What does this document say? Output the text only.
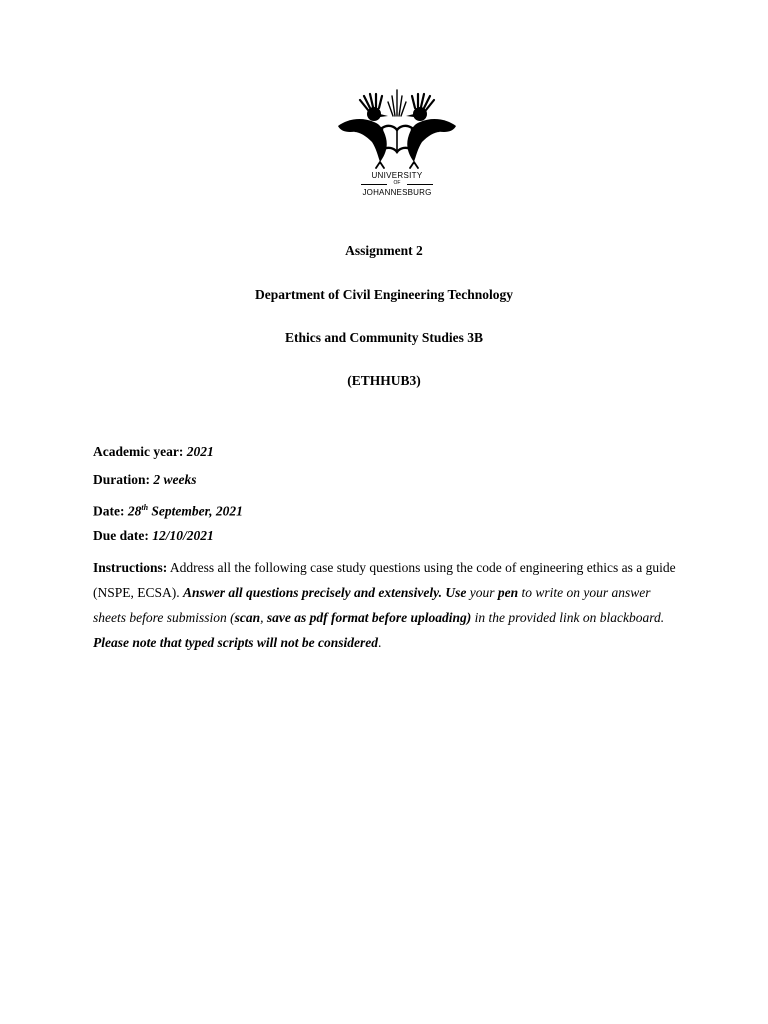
UNIVERSITY
OF
JOHANNESBURG
Assignment 2
Department of Civil Engineering Technology
Ethics and Community Studies 3B
(ETHHUB3)
Academic year: 2021
Duration: 2 weeks
Date: 28th September, 2021
Due date: 12/10/2021
Instructions: Address all the following case study questions using the code of engineering ethics as a guide (NSPE, ECSA). Answer all questions precisely and extensively. Use your pen to write on your answer sheets before submission (scan, save as pdf format before uploading) in the provided link on blackboard. Please note that typed scripts will not be considered.
